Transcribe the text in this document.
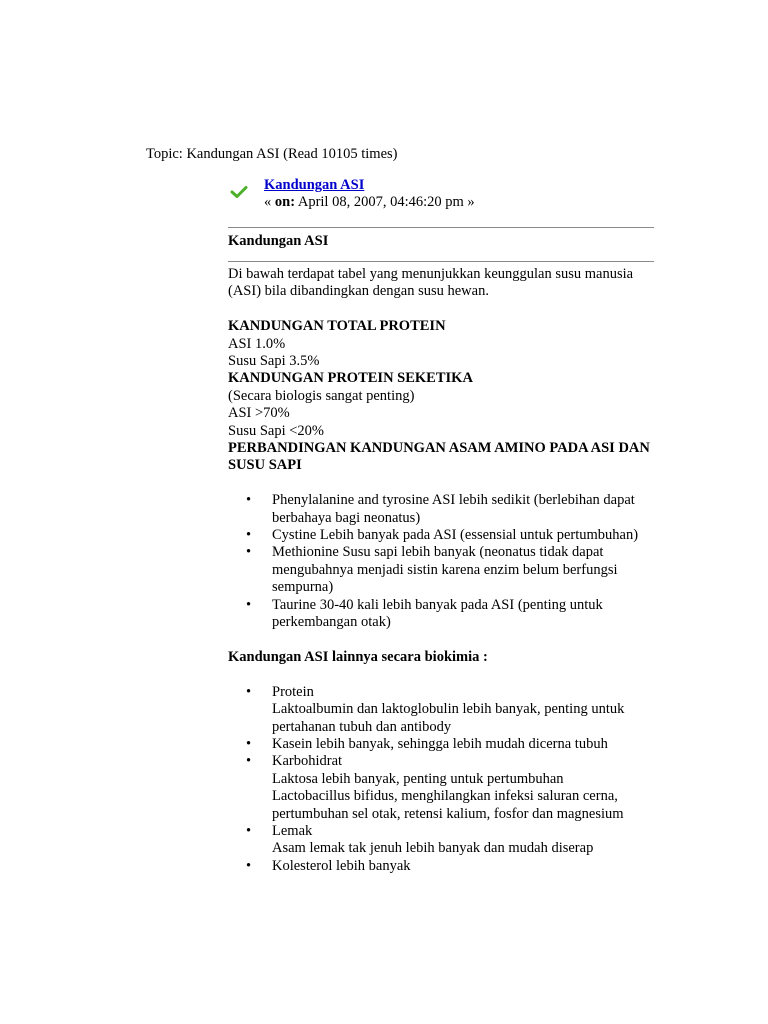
Topic: Kandungan ASI (Read 10105 times)
Kandungan ASI
« on: April 08, 2007, 04:46:20 pm »
Kandungan ASI

Di bawah terdapat tabel yang menunjukkan keunggulan susu manusia (ASI) bila dibandingkan dengan susu hewan.

KANDUNGAN TOTAL PROTEIN

ASI 1.0%

Susu Sapi 3.5%

KANDUNGAN PROTEIN SEKETIKA

(Secara biologis sangat penting)

ASI >70%

Susu Sapi <20%

PERBANDINGAN KANDUNGAN ASAM AMINO PADA ASI DAN SUSU SAPI

• Phenylalanine and tyrosine ASI lebih sedikit (berlebihan dapat berbahaya bagi neonatus)
• Cystine Lebih banyak pada ASI (essensial untuk pertumbuhan)
• Methionine Susu sapi lebih banyak (neonatus tidak dapat mengubahnya menjadi sistin karena enzim belum berfungsi sempurna)
• Taurine 30-40 kali lebih banyak pada ASI (penting untuk perkembangan otak)

Kandungan ASI lainnya secara biokimia :

• Protein
Laktoalbumin dan laktoglobulin lebih banyak, penting untuk pertahanan tubuh dan antibody
• Kasein lebih banyak, sehingga lebih mudah dicerna tubuh
• Karbohidrat
Laktosa lebih banyak, penting untuk pertumbuhan
Lactobacillus bifidus, menghilangkan infeksi saluran cerna, pertumbuhan sel otak, retensi kalium, fosfor dan magnesium
• Lemak
Asam lemak tak jenuh lebih banyak dan mudah diserap
• Kolesterol lebih banyak
